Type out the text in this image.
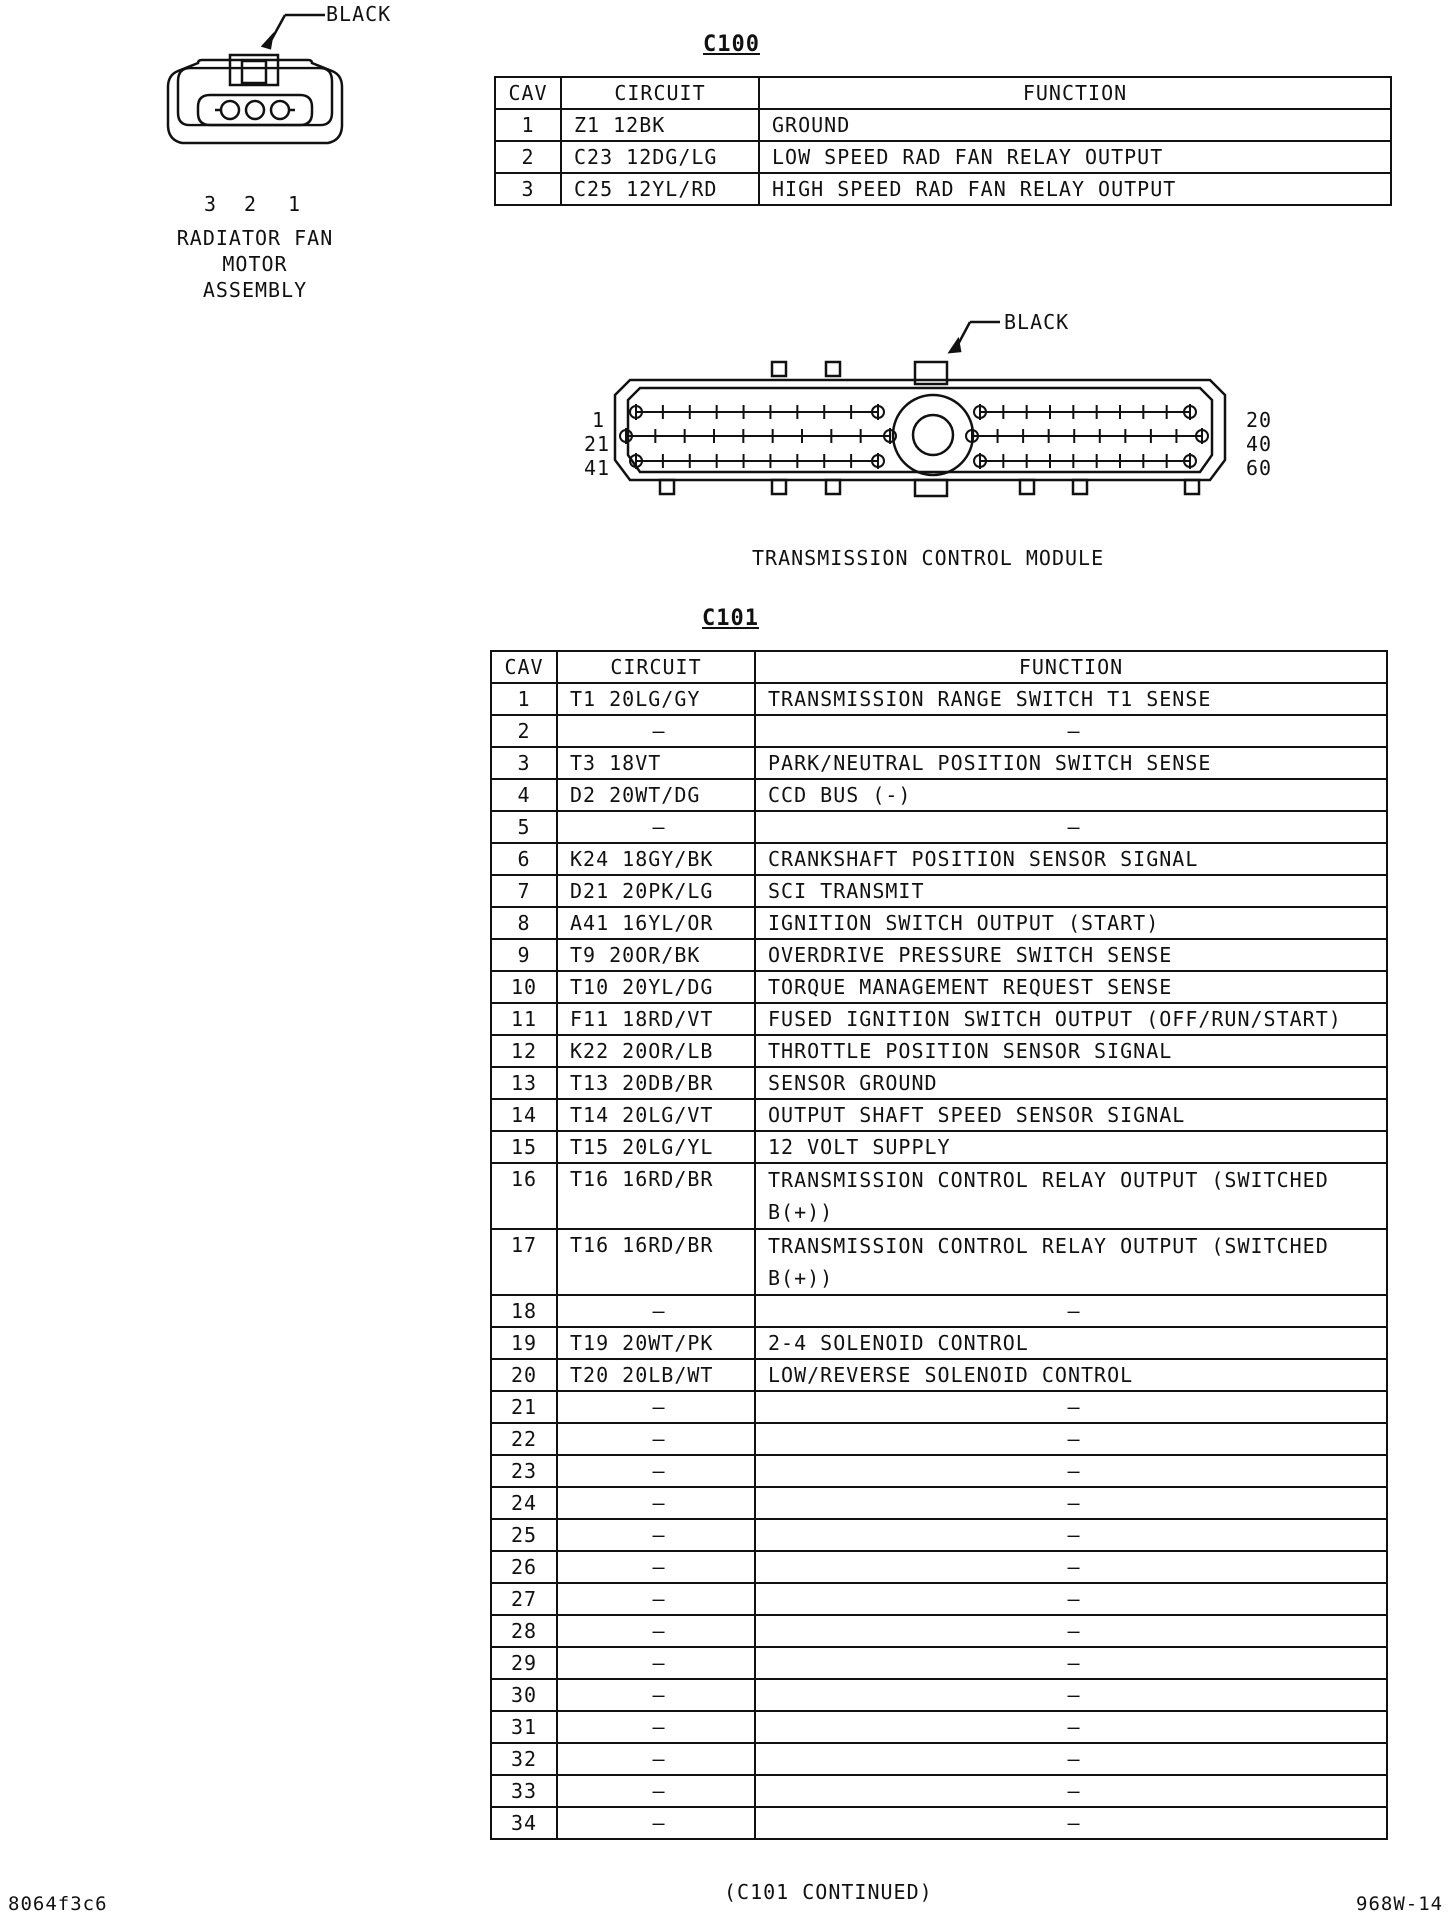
BLACK
3 2 1
RADIATOR FAN
MOTOR
ASSEMBLY
C100
CAV	CIRCUIT	FUNCTION
1	Z1 12BK	GROUND
2	C23 12DG/LG	LOW SPEED RAD FAN RELAY OUTPUT
3	C25 12YL/RD	HIGH SPEED RAD FAN RELAY OUTPUT
BLACK
1
21
41
20
40
60
TRANSMISSION CONTROL MODULE
C101
CAV	CIRCUIT	FUNCTION
1	T1 20LG/GY	TRANSMISSION RANGE SWITCH T1 SENSE
2	–	–
3	T3 18VT	PARK/NEUTRAL POSITION SWITCH SENSE
4	D2 20WT/DG	CCD BUS (-)
5	–	–
6	K24 18GY/BK	CRANKSHAFT POSITION SENSOR SIGNAL
7	D21 20PK/LG	SCI TRANSMIT
8	A41 16YL/OR	IGNITION SWITCH OUTPUT (START)
9	T9 20OR/BK	OVERDRIVE PRESSURE SWITCH SENSE
10	T10 20YL/DG	TORQUE MANAGEMENT REQUEST SENSE
11	F11 18RD/VT	FUSED IGNITION SWITCH OUTPUT (OFF/RUN/START)
12	K22 20OR/LB	THROTTLE POSITION SENSOR SIGNAL
13	T13 20DB/BR	SENSOR GROUND
14	T14 20LG/VT	OUTPUT SHAFT SPEED SENSOR SIGNAL
15	T15 20LG/YL	12 VOLT SUPPLY
16	T16 16RD/BR	TRANSMISSION CONTROL RELAY OUTPUT (SWITCHED B(+))
17	T16 16RD/BR	TRANSMISSION CONTROL RELAY OUTPUT (SWITCHED B(+))
18	–	–
19	T19 20WT/PK	2-4 SOLENOID CONTROL
20	T20 20LB/WT	LOW/REVERSE SOLENOID CONTROL
21	–	–
22	–	–
23	–	–
24	–	–
25	–	–
26	–	–
27	–	–
28	–	–
29	–	–
30	–	–
31	–	–
32	–	–
33	–	–
34	–	–
(C101 CONTINUED)
8064f3c6	968W-14
